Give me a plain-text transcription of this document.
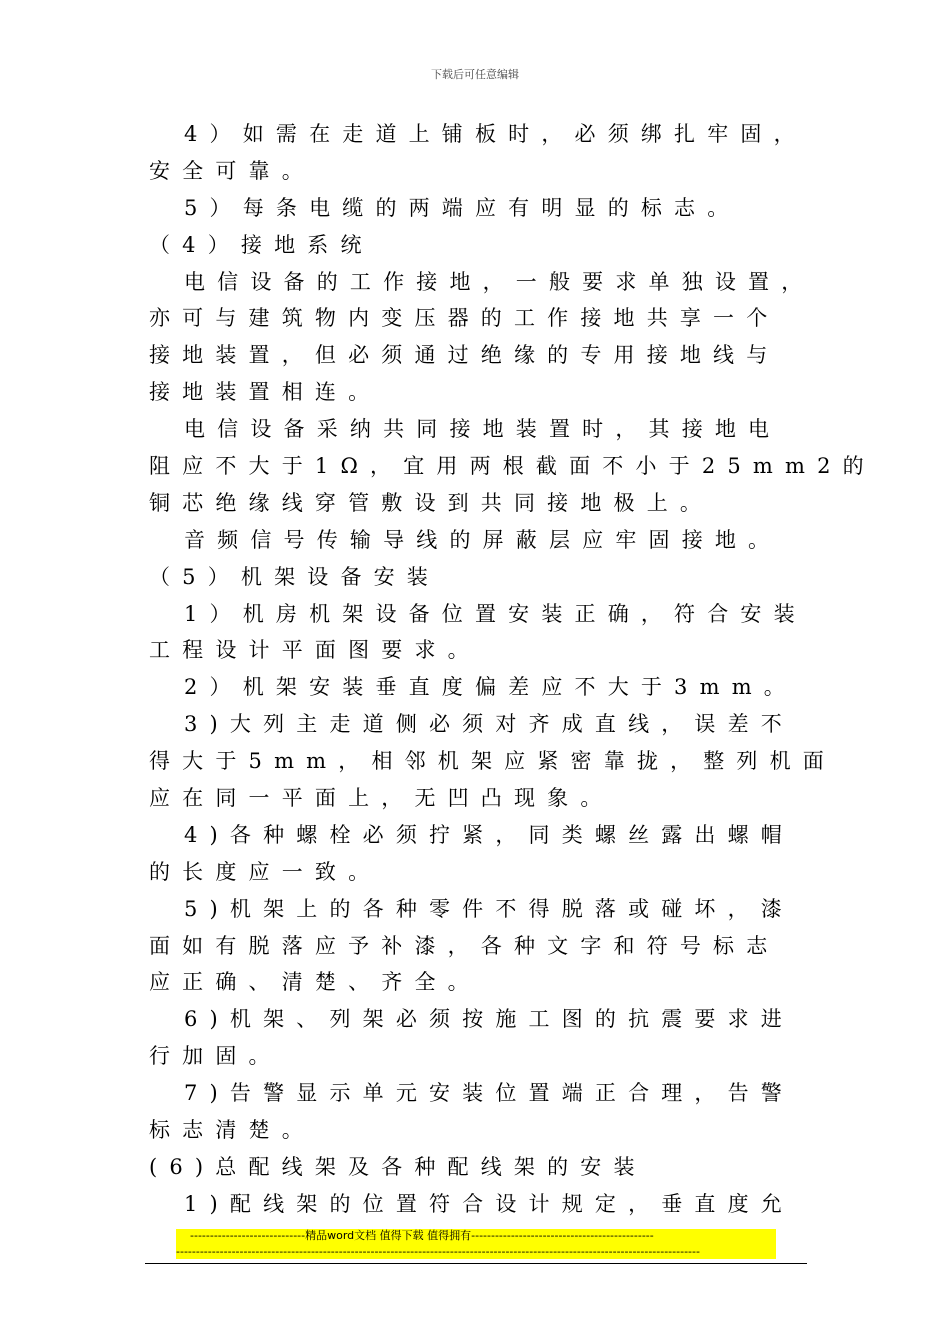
下载后可任意编辑
4）如需在走道上铺板时，必须绑扎牢固，
安全可靠。
5）每条电缆的两端应有明显的标志。
（4）接地系统
电信设备的工作接地，一般要求单独设置，
亦可与建筑物内变压器的工作接地共享一个
接地装置，但必须通过绝缘的专用接地线与
接地装置相连。
电信设备采纳共同接地装置时，其接地电
阻应不大于1Ω，宜用两根截面不小于25mm2的
铜芯绝缘线穿管敷设到共同接地极上。
音频信号传输导线的屏蔽层应牢固接地。
（5）机架设备安装
1）机房机架设备位置安装正确，符合安装
工程设计平面图要求。
2）机架安装垂直度偏差应不大于3mm。
3)大列主走道侧必须对齐成直线，误差不
得大于5mm，相邻机架应紧密靠拢，整列机面
应在同一平面上，无凹凸现象。
4)各种螺栓必须拧紧，同类螺丝露出螺帽
的长度应一致。
5)机架上的各种零件不得脱落或碰坏，漆
面如有脱落应予补漆，各种文字和符号标志
应正确、清楚、齐全。
6)机架、列架必须按施工图的抗震要求进
行加固。
7)告警显示单元安装位置端正合理，告警
标志清楚。
(6)总配线架及各种配线架的安装
1)配线架的位置符合设计规定，垂直度允
-----------------------------精品word文档 值得下载 值得拥有----------------------------------------------
------------------------------------------------------------------------------------------------------------------------------------
